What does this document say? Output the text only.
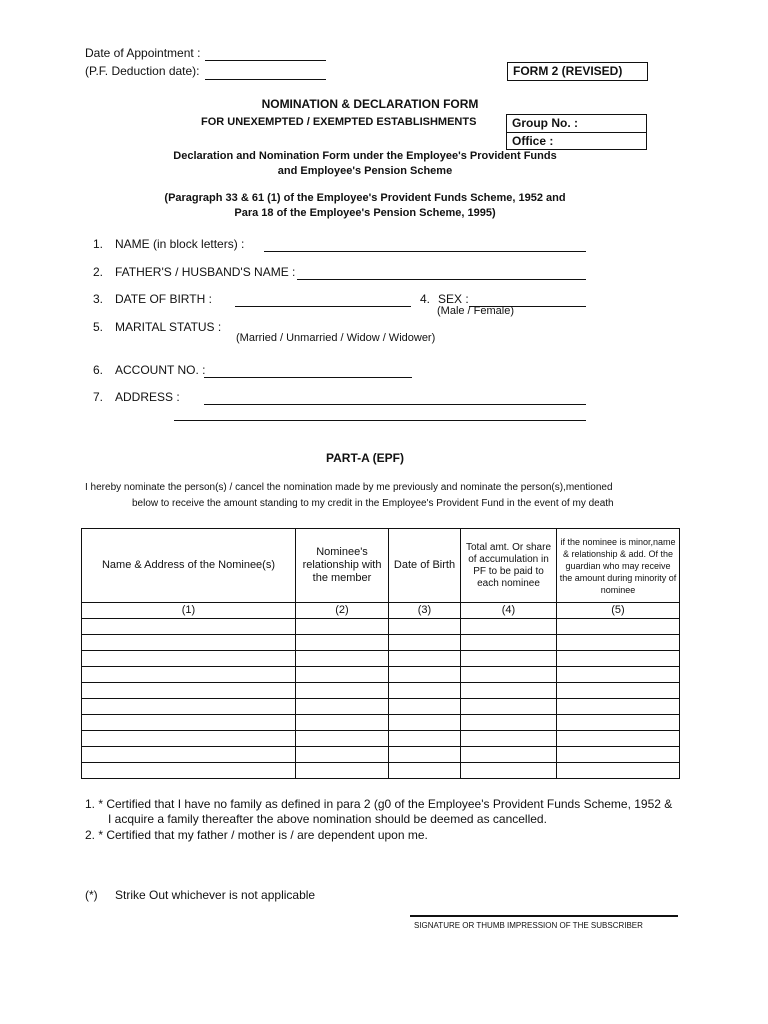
Date of Appointment :
(P.F. Deduction date):	FORM 2 (REVISED)
NOMINATION & DECLARATION FORM
FOR UNEXEMPTED / EXEMPTED ESTABLISHMENTS	Group No. :
Office :
Declaration and Nomination Form under the Employee's Provident Funds
and Employee's Pension Scheme
(Paragraph 33 & 61 (1) of the Employee's Provident Funds Scheme, 1952 and
Para 18 of the Employee's Pension Scheme, 1995)
1. NAME (in block letters) :
2. FATHER'S / HUSBAND'S NAME :
3. DATE OF BIRTH :	4. SEX :
(Male / Female)
5. MARITAL STATUS :
(Married / Unmarried / Widow / Widower)
6. ACCOUNT NO. :
7. ADDRESS :
PART-A (EPF)
I hereby nominate the person(s) / cancel the nomination made by me previously and nominate the person(s),mentioned
below to receive the amount standing to my credit in the Employee's Provident Fund in the event of my death
Name & Address of the Nominee(s)	Nominee's relationship with the member	Date of Birth	Total amt. Or share of accumulation in PF to be paid to each nominee	if the nominee is minor,name & relationship & add. Of the guardian who may receive the amount during minority of nominee
(1)	(2)	(3)	(4)	(5)

1. * Certified that I have no family as defined in para 2 (g0 of the Employee's Provident Funds Scheme, 1952 &
I acquire a family thereafter the above nomination should be deemed as cancelled.
2. * Certified that my father / mother is / are dependent upon me.
(*) Strike Out whichever is not applicable
SIGNATURE OR THUMB IMPRESSION OF THE SUBSCRIBER
